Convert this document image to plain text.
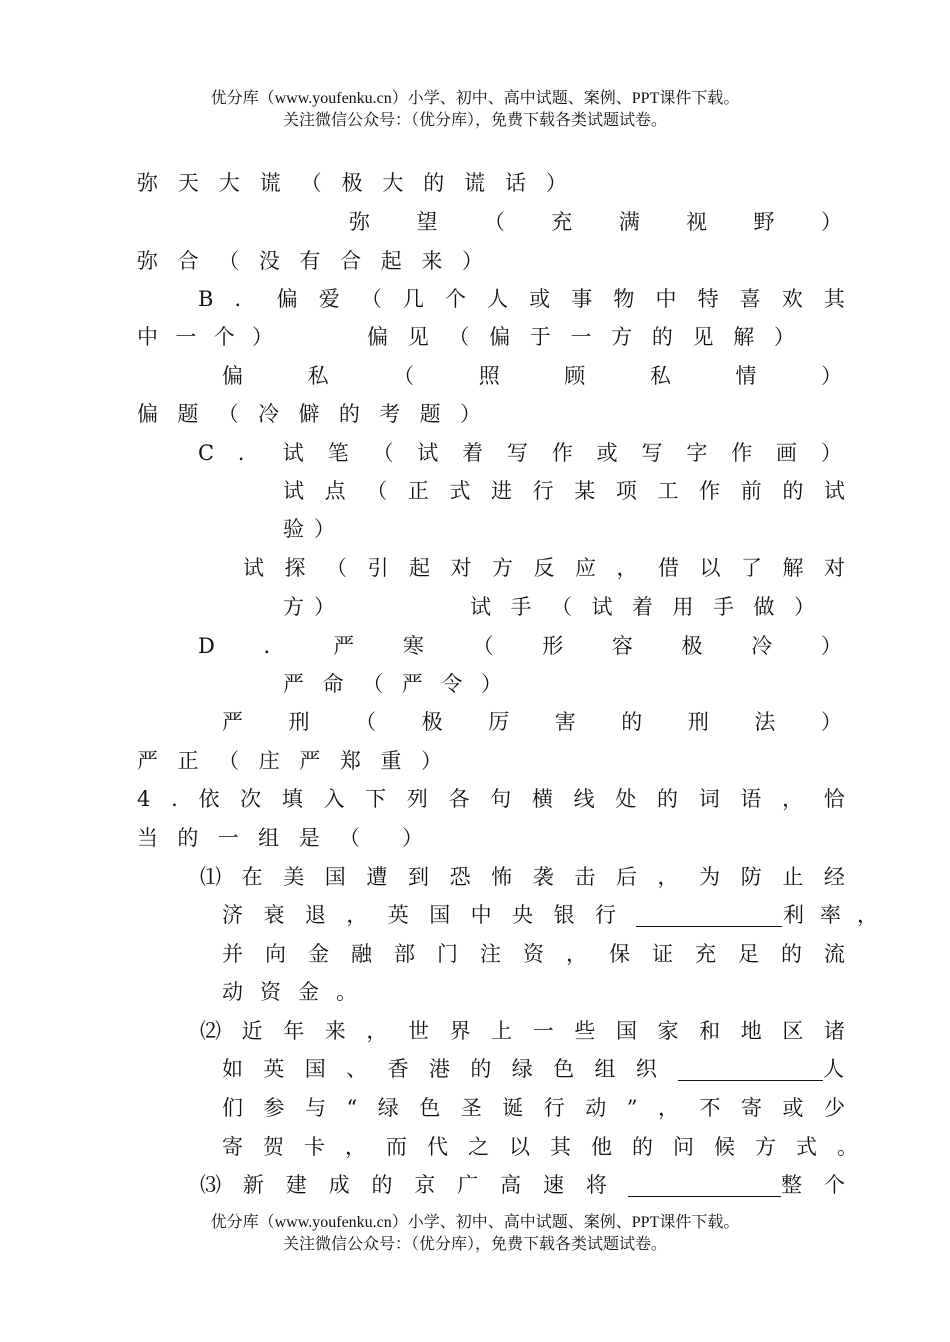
优分库（www.youfenku.cn）小学、初中、高中试题、案例、PPT课件下载。
关注微信公众号：（优分库），免费下载各类试题试卷。
弥 天 大 谎 （ 极 大 的 谎 话 ）
弥 望 （ 充 满 视 野 ）
弥 合 （ 没 有 合 起 来 ）
B ． 偏 爱 （ 几 个 人 或 事 物 中 特 喜 欢 其
中 一 个 ）	偏 见 （ 偏 于 一 方 的 见 解 ）
偏	私	（	照	顾	私	情	）
偏 题 （ 冷 僻 的 考 题 ）
C ． 试 笔 （ 试 着 写 作 或 写 字 作 画 ）
试 点 （ 正 式 进 行 某 项 工 作 前 的 试
验 ）
试 探 （ 引 起 对 方 反 应 ， 借 以 了 解 对
方 ）	试 手 （ 试 着 用 手 做 ）
D ． 严 寒 （ 形 容 极 冷 ）
严 命 （ 严 令 ）
严 刑 （ 极 厉 害 的 刑 法 ）
严 正 （ 庄 严 郑 重 ）
4 . 依 次 填 入 下 列 各 句 横 线 处 的 词 语 ， 恰
当 的 一 组 是 （ ）
⑴ 在 美 国 遭 到 恐 怖 袭 击 后 ， 为 防 止 经
济 衰 退 ， 英 国 中 央 银 行	利 率 ，
并 向 金 融 部 门 注 资 ， 保 证 充 足 的 流
动 资 金 。
⑵ 近 年 来 ， 世 界 上 一 些 国 家 和 地 区 诸
如 英 国 、 香 港 的 绿 色 组 织	人
们 参 与 “ 绿 色 圣 诞 行 动 ” ， 不 寄 或 少
寄 贺 卡 ， 而 代 之 以 其 他 的 问 候 方 式 。
⑶ 新 建 成 的 京 广 高 速 将	整 个
优分库（www.youfenku.cn）小学、初中、高中试题、案例、PPT课件下载。
关注微信公众号：（优分库），免费下载各类试题试卷。
